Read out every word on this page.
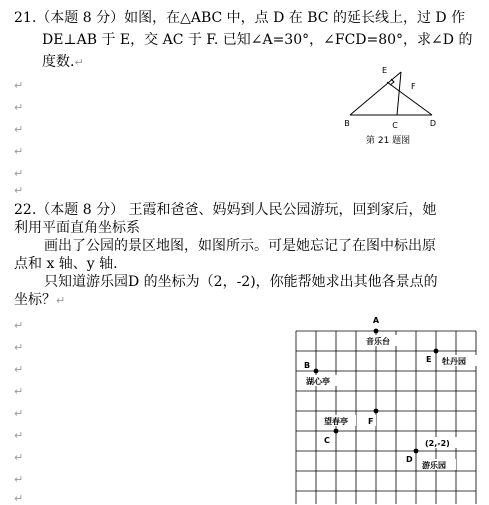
21.（本题 8 分）如图，在△ABC 中，点 D 在 BC 的延长线上，过 D 作
DE⊥AB 于 E，交 AC 于 F. 已知∠A=30°，∠FCD=80°，求∠D 的
度数.↵
E
F
B	C	D
第 21 题图
↵
↵
↵
↵
↵
↵
22.（本题 8 分） 王霞和爸爸、妈妈到人民公园游玩，回到家后，她
利用平面直角坐标系
画出了公园的景区地图，如图所示。可是她忘记了在图中标出原
点和 x 轴、y 轴.
只知道游乐园D 的坐标为（2，-2)，你能帮她求出其他各景点的
坐标？↵
↵
↵
↵
↵
↵
↵
↵
↵
↵
A
音乐台
B
湖心亭
E 牡丹园
F
望春亭
C	(2,-2)
D
游乐园
